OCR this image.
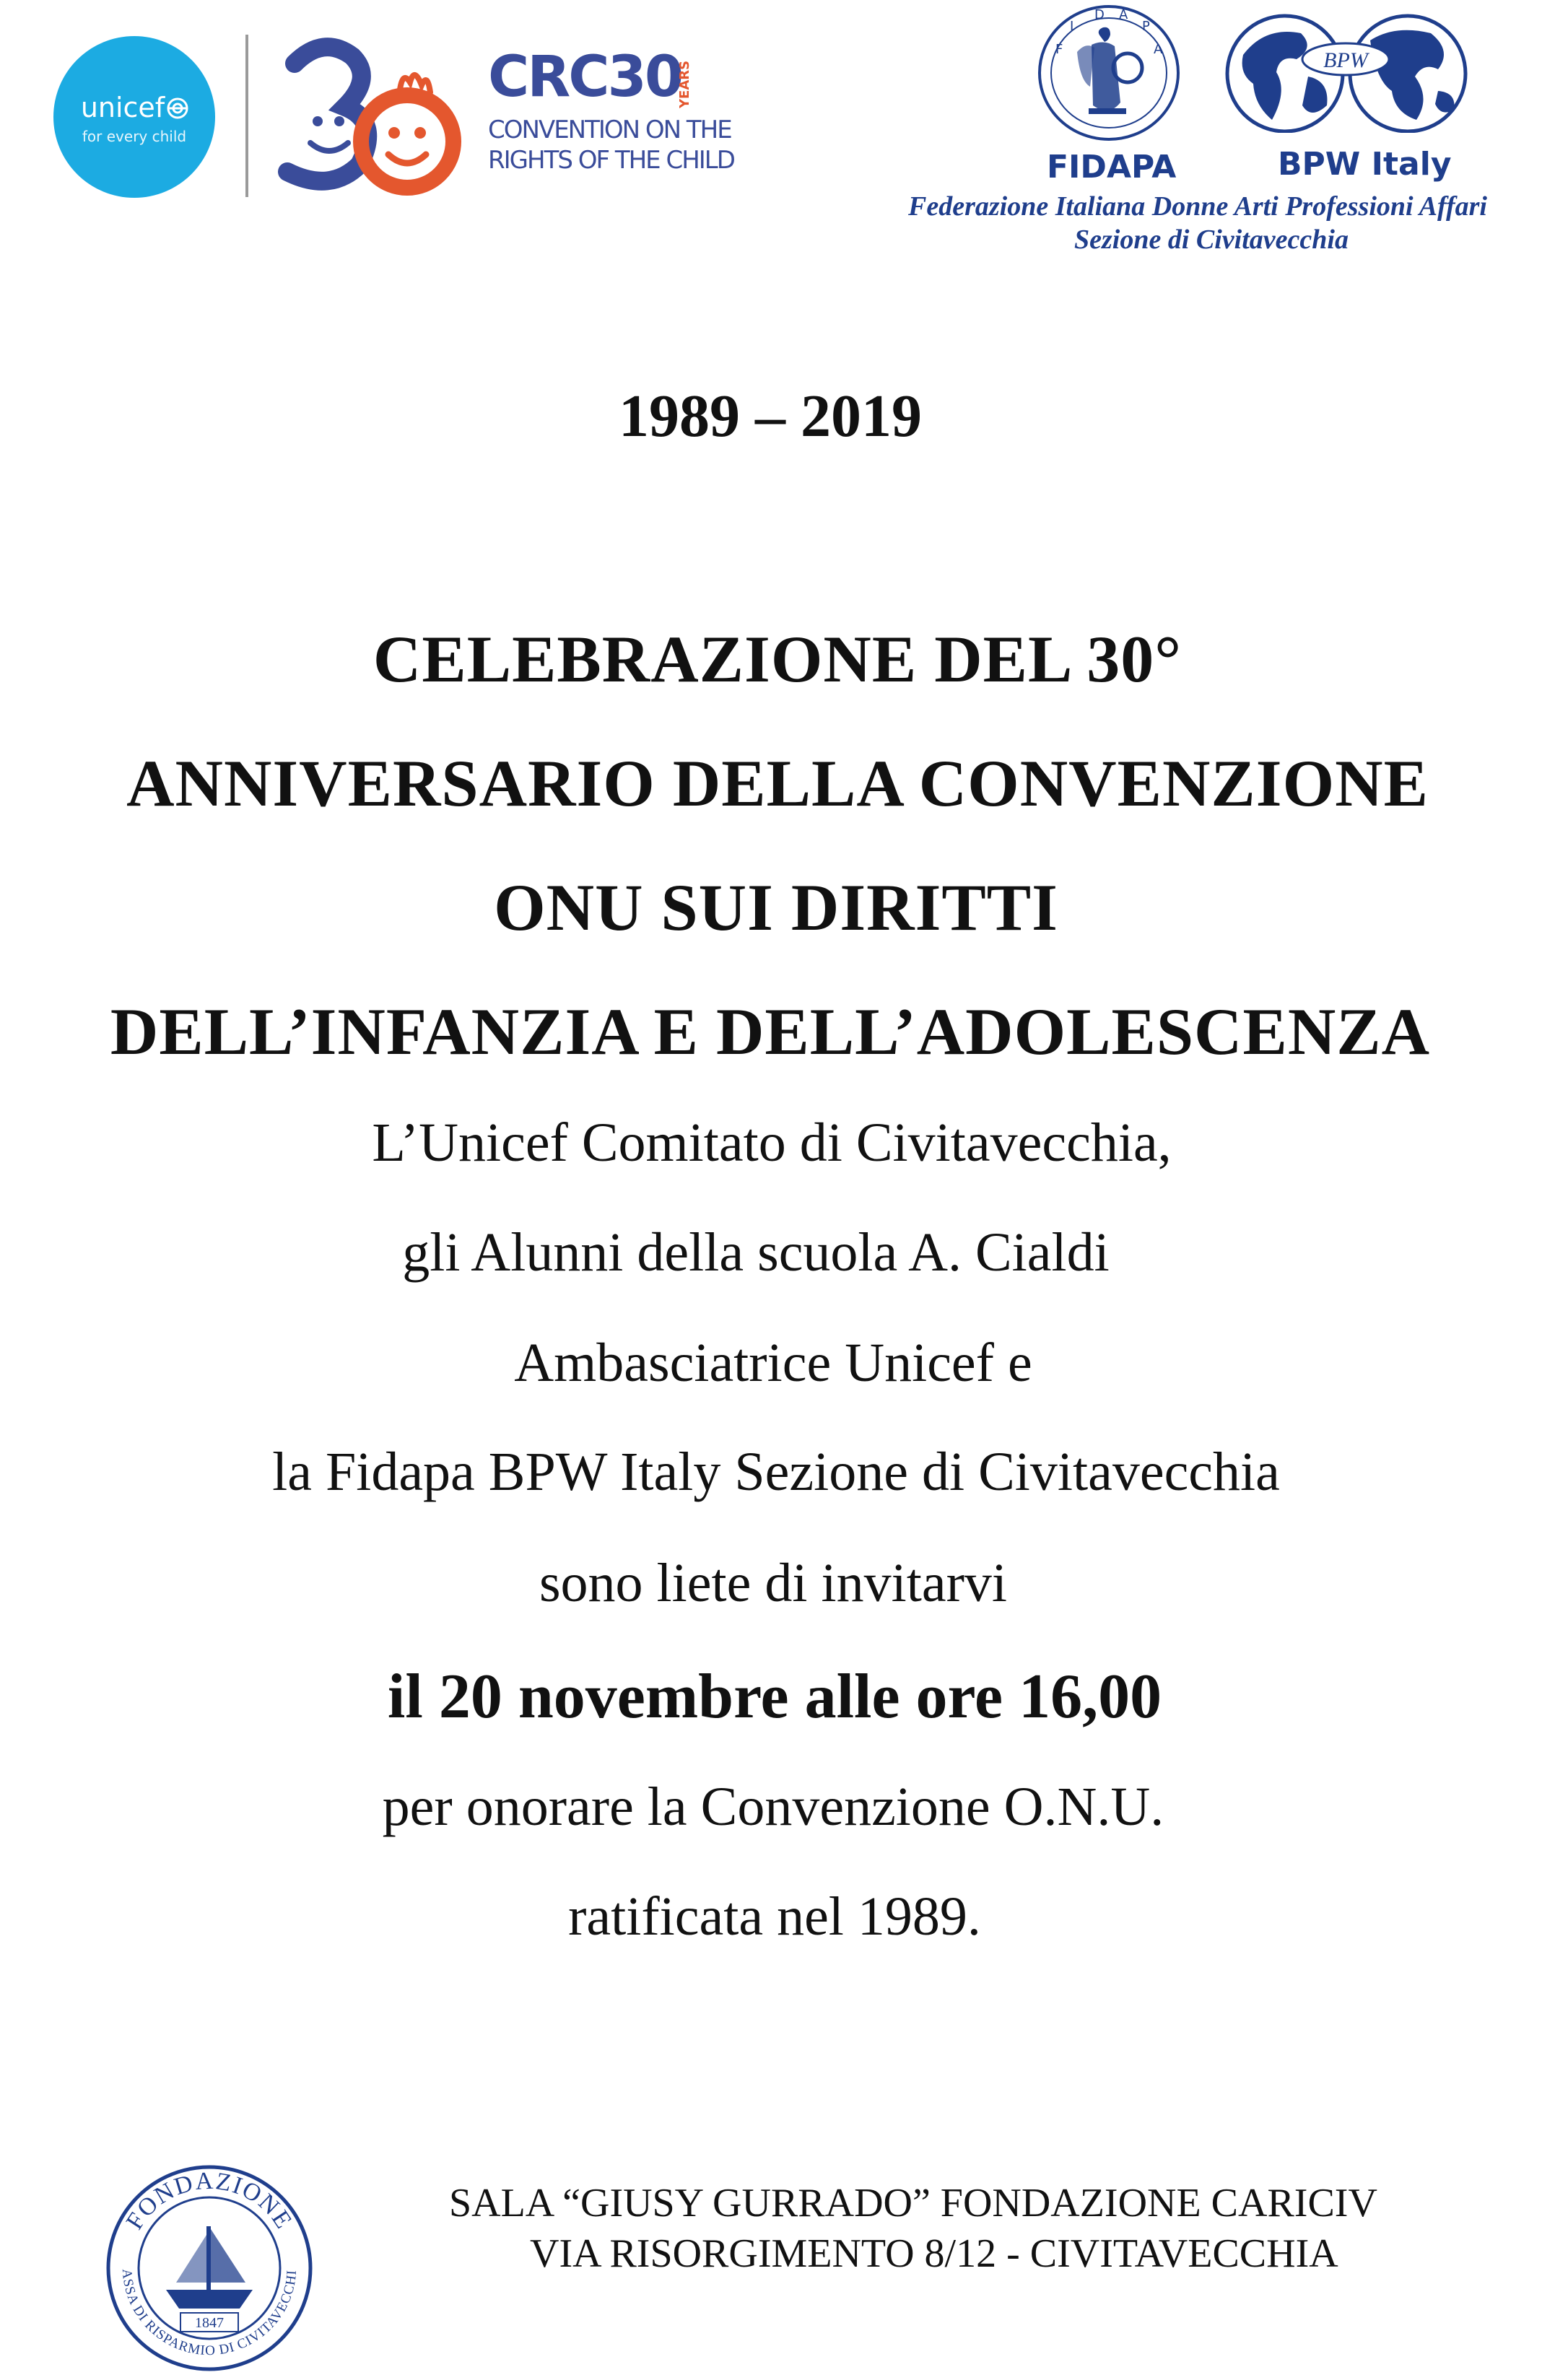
unicef
for every child
CRC30
YEARS
CONVENTION ON THE
RIGHTS OF THE CHILD
F
I
D A
P
A	BPW
FIDAPA	BPW Italy
Federazione Italiana Donne Arti Professioni Affari
Sezione di Civitavecchia
1989 – 2019
CELEBRAZIONE DEL 30°
ANNIVERSARIO DELLA CONVENZIONE
ONU SUI DIRITTI
DELL’INFANZIA E DELL’ADOLESCENZA
L’Unicef Comitato di Civitavecchia,
gli Alunni della scuola A. Cialdi
Ambasciatrice Unicef e
la Fidapa BPW Italy Sezione di Civitavecchia
sono liete di invitarvi
il 20 novembre alle ore 16,00
per onorare la Convenzione O.N.U.
ratificata nel 1989.
FONDAZIONE
ASSA DI RISPARMIO DI CIVITAVECCHI
1847
SALA “GIUSY GURRADO” FONDAZIONE CARICIV
VIA RISORGIMENTO 8/12 - CIVITAVECCHIA
